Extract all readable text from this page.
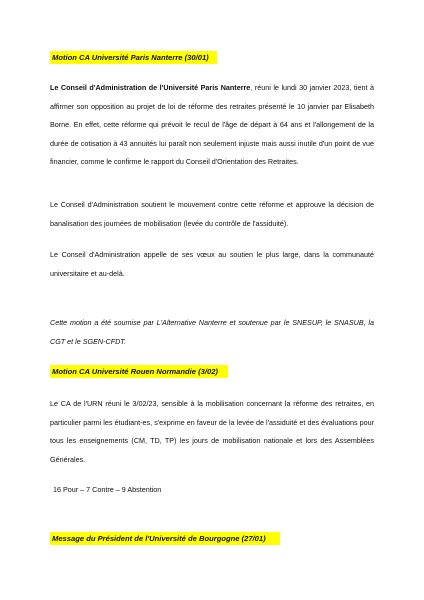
Motion CA Université Paris Nanterre (30/01)

Le Conseil d'Administration de l'Université Paris Nanterre, réuni le lundi 30 janvier 2023, tient à affirmer son opposition au projet de loi de réforme des retraites présenté le 10 janvier par Elisabeth Borne. En effet, cette réforme qui prévoit le recul de l'âge de départ à 64 ans et l'allongement de la durée de cotisation à 43 annuités lui paraît non seulement injuste mais aussi inutile d'un point de vue financier, comme le confirme le rapport du Conseil d'Orientation des Retraites.

Le Conseil d'Administration soutient le mouvement contre cette réforme et approuve la décision de banalisation des journées de mobilisation (levée du contrôle de l'assiduité).

Le Conseil d'Administration appelle de ses vœux au soutien le plus large, dans la communauté universitaire et au-delà.

Cette motion a été soumise par L'Alternative Nanterre et soutenue par le SNESUP, le SNASUB, la CGT et le SGEN-CFDT.

Motion CA Université Rouen Normandie (3/02)

Le CA de l'URN réuni le 3/02/23, sensible à la mobilisation concernant la réforme des retraites, en particulier parmi les étudiant-es, s'exprime en faveur de la levée de l'assiduité et des évaluations pour tous les enseignements (CM, TD, TP) les jours de mobilisation nationale et lors des Assemblées Générales.

16 Pour – 7 Contre – 9 Abstention
Message du Président de l'Université de Bourgogne (27/01)
